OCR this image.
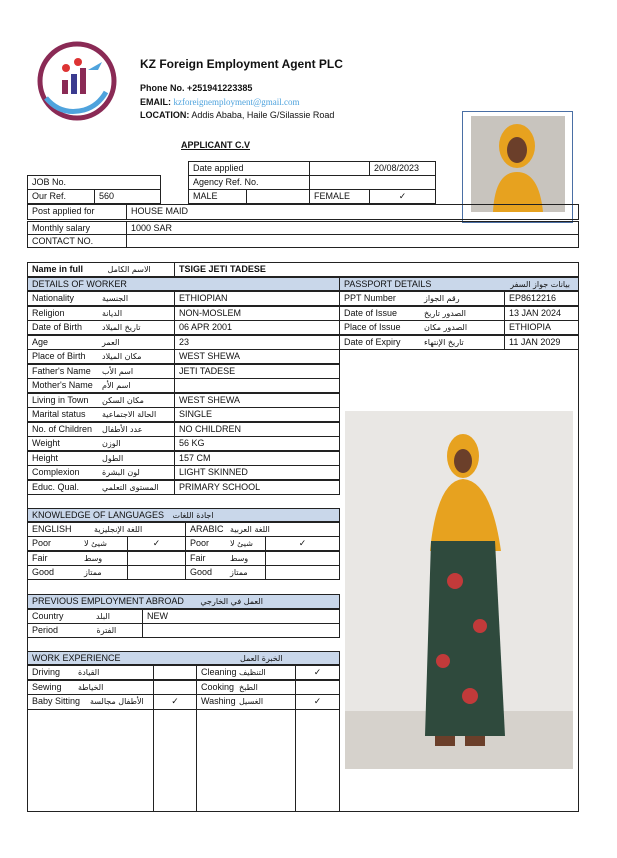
KZ Foreign Employment Agent PLC
Phone No. +251941223385
EMAIL: kzforeignemployment@gmail.com
LOCATION: Addis Ababa, Haile G/Silassie Road
APPLICANT C.V
Date applied	20/08/2023
JOB No.	Agency Ref. No.
Our Ref.	560	MALE	FEMALE	✓
Post applied for	HOUSE MAID
Monthly salary	1000 SAR
CONTACT NO.
Name in full	الاسم الكامل	TSIGE JETI TADESE
DETAILS OF WORKER	PASSPORT DETAILS	بيانات جواز السفر
Nationality	الجنسية	ETHIOPIAN
Religion	الديانة	NON-MOSLEM
Date of Birth تاريخ الميلاد	06 APR 2001
Age	العمر	23
Place of Birth مكان الميلاد	WEST SHEWA
Father's Name اسم الأب	JETI TADESE
Mother's Name اسم الأم
Living in Town مكان السكن	WEST SHEWA
Marital status الحالة الاجتماعية	SINGLE
No. of Children عدد الأطفال	NO CHILDREN
Weight	الوزن	56 KG
Height	الطول	157 CM
Complexion	لون البشرة	LIGHT SKINNED
Educ. Qual.	المستوى التعلمي	PRIMARY SCHOOL
PPT Number	رقم الجواز	EP8612216
Date of Issue	الصدور تاريخ	13 JAN 2024
Place of Issue	الصدور مكان	ETHIOPIA
Date of Expiry	تاريخ الإنتهاء	11 JAN 2029
KNOWLEDGE OF LANGUAGES اجادة اللغات
ENGLISH	اللغة الإنجليزية	ARABIC اللغة العربية
Poor	شيئ لا	✓	Poor	شيئ لا	✓
Fair	وسط	Fair	وسط
Good	ممتاز	Good ممتاز
PREVIOUS EMPLOYMENT ABROAD العمل في الخارجي
Country	البلد	NEW
Period	الفترة
WORK EXPERIENCE	الخبرة العمل
Driving القيادة	Cleaning التنظيف	✓
Sewing الخياطة	Cooking الطبخ
Baby Sitting الأطفال مجالسة	✓	Washing الغسيل	✓
